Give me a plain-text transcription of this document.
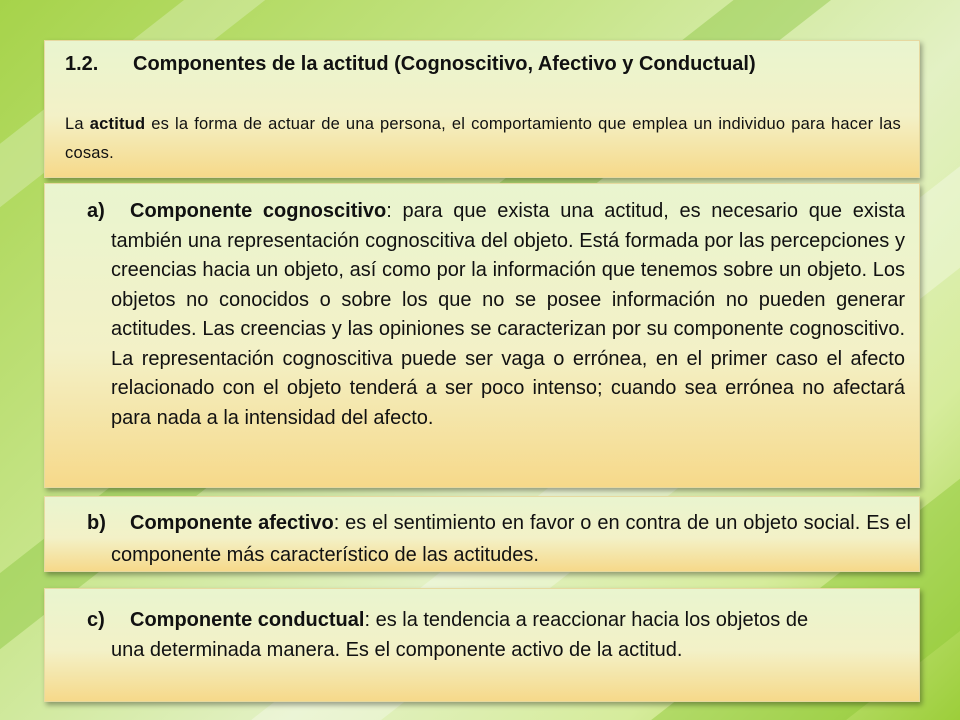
1.2. Componentes de la actitud (Cognoscitivo, Afectivo y Conductual)

La actitud es la forma de actuar de una persona, el comportamiento que emplea un individuo para hacer las cosas.

a) Componente cognoscitivo: para que exista una actitud, es necesario que exista también una representación cognoscitiva del objeto. Está formada por las percepciones y creencias hacia un objeto, así como por la información que tenemos sobre un objeto. Los objetos no conocidos o sobre los que no se posee información no pueden generar actitudes. Las creencias y las opiniones se caracterizan por su componente cognoscitivo. La representación cognoscitiva puede ser vaga o errónea, en el primer caso el afecto relacionado con el objeto tenderá a ser poco intenso; cuando sea errónea no afectará para nada a la intensidad del afecto.

b) Componente afectivo: es el sentimiento en favor o en contra de un objeto social. Es el componente más característico de las actitudes.

c) Componente conductual: es la tendencia a reaccionar hacia los objetos de una determinada manera. Es el componente activo de la actitud.
